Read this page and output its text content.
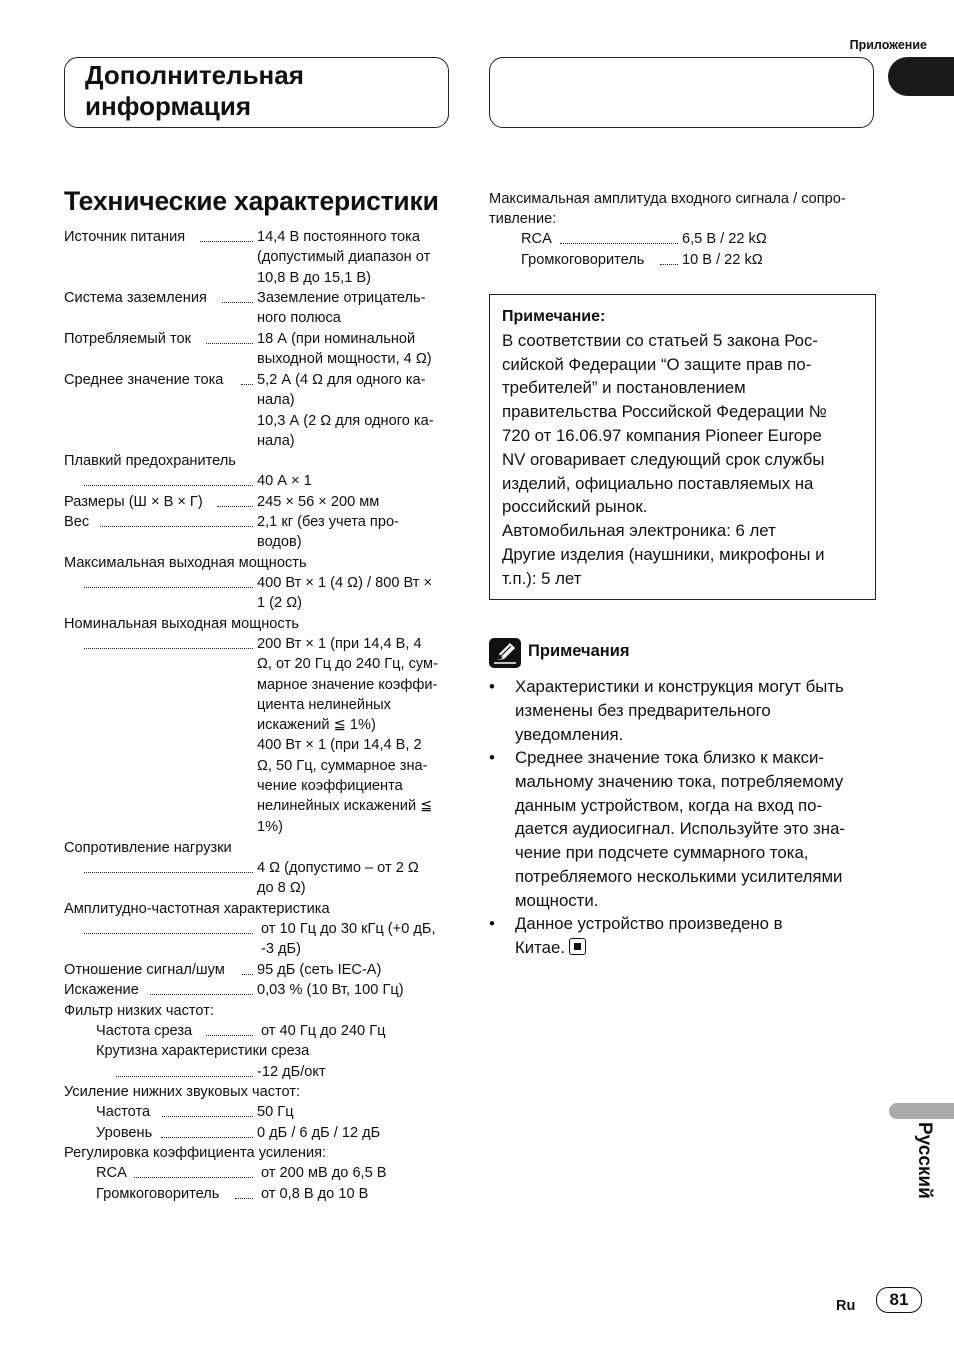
Приложение
Дополнительная
информация
Технические характеристики
Источник питания	14,4 В постоянного тока
(допустимый диапазон от
10,8 В до 15,1 В)
Система заземления	Заземление отрицатель-
ного полюса
Потребляемый ток	18 А (при номинальной
выходной мощности, 4 Ω)
Среднее значение тока 5,2 А (4 Ω для одного ка-
нала)
10,3 А (2 Ω для одного ка-
нала)
Плавкий предохранитель
40 А × 1
Размеры (Ш × В × Г)	245 × 56 × 200 мм
Вес	2,1 кг (без учета про-
водов)
Максимальная выходная мощность
400 Вт × 1 (4 Ω) / 800 Вт ×
1 (2 Ω)
Номинальная выходная мощность
200 Вт × 1 (при 14,4 В, 4
Ω, от 20 Гц до 240 Гц, сум-
марное значение коэффи-
циента нелинейных
искажений ≦ 1%)
400 Вт × 1 (при 14,4 В, 2
Ω, 50 Гц, суммарное зна-
чение коэффициента
нелинейных искажений ≦
1%)
Сопротивление нагрузки
4 Ω (допустимо – от 2 Ω
до 8 Ω)
Амплитудно-частотная характеристика
от 10 Гц до 30 кГц (+0 дБ,
-3 дБ)
Отношение сигнал/шум 95 дБ (сеть IEC-A)
Искажение	0,03 % (10 Вт, 100 Гц)
Фильтр низких частот:
Частота среза	от 40 Гц до 240 Гц
Крутизна характеристики среза
-12 дБ/окт
Усиление нижних звуковых частот:
Частота	50 Гц
Уровень	0 дБ / 6 дБ / 12 дБ
Регулировка коэффициента усиления:
RCA	от 200 мВ до 6,5 В
Громкоговоритель	от 0,8 В до 10 В
Максимальная амплитуда входного сигнала / сопро-
тивление:
RCA	6,5 В / 22 kΩ
Громкоговоритель	10 В / 22 kΩ
Примечание:
В соответствии со статьей 5 закона Рос-
сийской Федерации “О защите прав по-
требителей” и постановлением
правительства Российской Федерации №
720 от 16.06.97 компания Pioneer Europe
NV оговаривает следующий срок службы
изделий, официально поставляемых на
российский рынок.
Автомобильная электроника: 6 лет
Другие изделия (наушники, микрофоны и
т.п.): 5 лет
Примечания
• Характеристики и конструкция могут быть
изменены без предварительного
уведомления.
• Среднее значение тока близко к макси-
мальному значению тока, потребляемому
данным устройством, когда на вход по-
дается аудиосигнал. Используйте это зна-
чение при подсчете суммарного тока,
потребляемого несколькими усилителями
мощности.
• Данное устройство произведено в
Китае.
Русский
Ru	81
